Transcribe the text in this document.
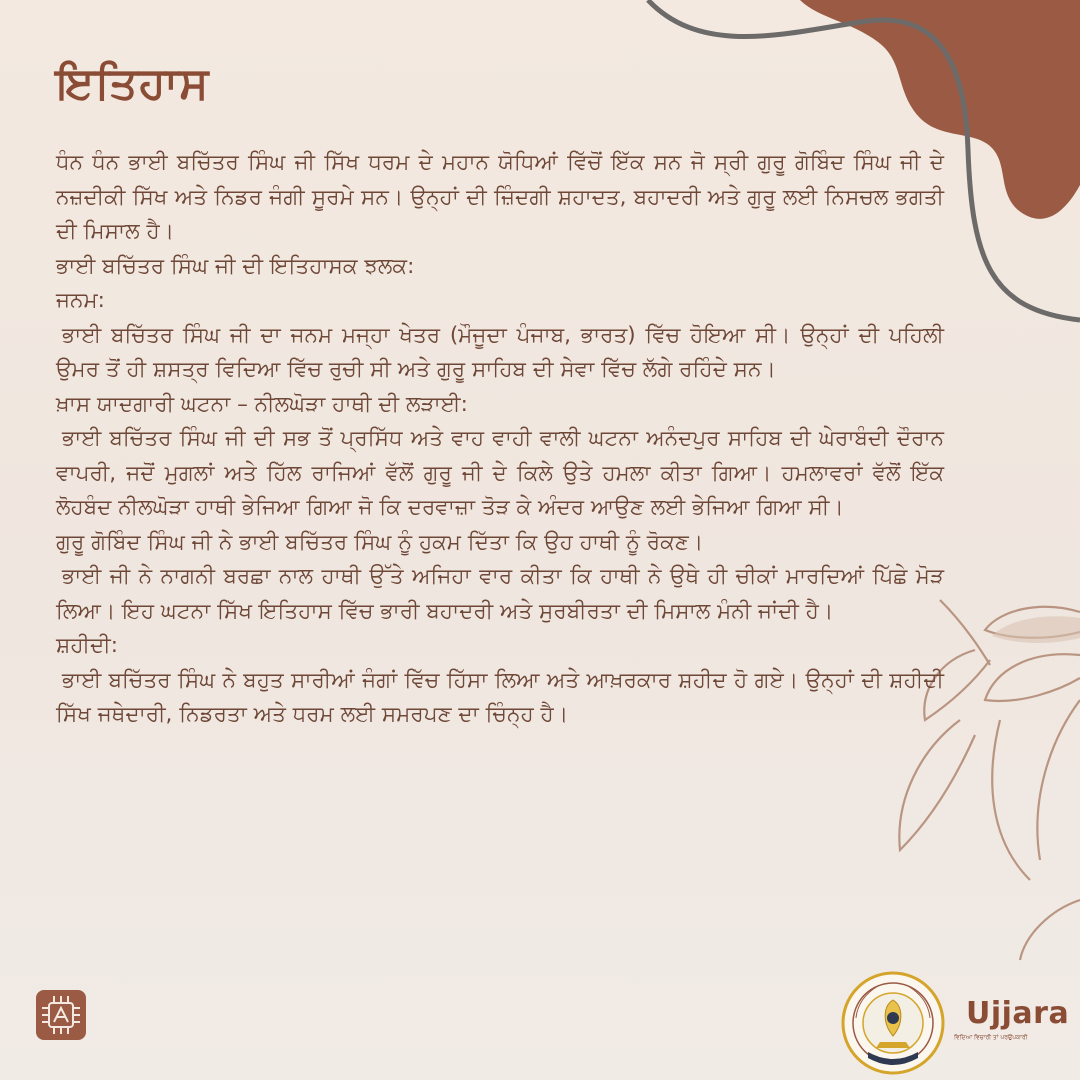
ਇਤਿਹਾਸ

ਧੰਨ ਧੰਨ ਭਾਈ ਬਚਿੱਤਰ ਸਿੰਘ ਜੀ ਸਿੱਖ ਧਰਮ ਦੇ ਮਹਾਨ ਯੋਧਿਆਂ ਵਿੱਚੋਂ ਇੱਕ ਸਨ ਜੋ ਸ੍ਰੀ ਗੁਰੂ ਗੋਬਿੰਦ ਸਿੰਘ ਜੀ ਦੇ ਨਜ਼ਦੀਕੀ ਸਿੱਖ ਅਤੇ ਨਿਡਰ ਜੰਗੀ ਸੂਰਮੇ ਸਨ। ਉਨ੍ਹਾਂ ਦੀ ਜ਼ਿੰਦਗੀ ਸ਼ਹਾਦਤ, ਬਹਾਦਰੀ ਅਤੇ ਗੁਰੂ ਲਈ ਨਿਸਚਲ ਭਗਤੀ ਦੀ ਮਿਸਾਲ ਹੈ।

ਭਾਈ ਬਚਿੱਤਰ ਸਿੰਘ ਜੀ ਦੀ ਇਤਿਹਾਸਕ ਝਲਕ:

ਜਨਮ:

ਭਾਈ ਬਚਿੱਤਰ ਸਿੰਘ ਜੀ ਦਾ ਜਨਮ ਮਜ੍ਹਾ ਖੇਤਰ (ਮੌਜੂਦਾ ਪੰਜਾਬ, ਭਾਰਤ) ਵਿੱਚ ਹੋਇਆ ਸੀ। ਉਨ੍ਹਾਂ ਦੀ ਪਹਿਲੀ ਉਮਰ ਤੋਂ ਹੀ ਸ਼ਸਤ੍ਰ ਵਿਦਿਆ ਵਿੱਚ ਰੁਚੀ ਸੀ ਅਤੇ ਗੁਰੂ ਸਾਹਿਬ ਦੀ ਸੇਵਾ ਵਿੱਚ ਲੱਗੇ ਰਹਿੰਦੇ ਸਨ।

ਖ਼ਾਸ ਯਾਦਗਾਰੀ ਘਟਨਾ – ਨੀਲਘੋੜਾ ਹਾਥੀ ਦੀ ਲੜਾਈ:

ਭਾਈ ਬਚਿੱਤਰ ਸਿੰਘ ਜੀ ਦੀ ਸਭ ਤੋਂ ਪ੍ਰਸਿੱਧ ਅਤੇ ਵਾਹ ਵਾਹੀ ਵਾਲੀ ਘਟਨਾ ਅਨੰਦਪੁਰ ਸਾਹਿਬ ਦੀ ਘੇਰਾਬੰਦੀ ਦੌਰਾਨ ਵਾਪਰੀ, ਜਦੋਂ ਮੁਗਲਾਂ ਅਤੇ ਹਿੱਲ ਰਾਜਿਆਂ ਵੱਲੋਂ ਗੁਰੂ ਜੀ ਦੇ ਕਿਲੇ ਉਤੇ ਹਮਲਾ ਕੀਤਾ ਗਿਆ। ਹਮਲਾਵਰਾਂ ਵੱਲੋਂ ਇੱਕ ਲੋਹਬੰਦ ਨੀਲਘੋੜਾ ਹਾਥੀ ਭੇਜਿਆ ਗਿਆ ਜੋ ਕਿ ਦਰਵਾਜ਼ਾ ਤੋੜ ਕੇ ਅੰਦਰ ਆਉਣ ਲਈ ਭੇਜਿਆ ਗਿਆ ਸੀ।

ਗੁਰੂ ਗੋਬਿੰਦ ਸਿੰਘ ਜੀ ਨੇ ਭਾਈ ਬਚਿੱਤਰ ਸਿੰਘ ਨੂੰ ਹੁਕਮ ਦਿੱਤਾ ਕਿ ਉਹ ਹਾਥੀ ਨੂੰ ਰੋਕਣ।

ਭਾਈ ਜੀ ਨੇ ਨਾਗਨੀ ਬਰਛਾ ਨਾਲ ਹਾਥੀ ਉੱਤੇ ਅਜਿਹਾ ਵਾਰ ਕੀਤਾ ਕਿ ਹਾਥੀ ਨੇ ਉਥੇ ਹੀ ਚੀਕਾਂ ਮਾਰਦਿਆਂ ਪਿੱਛੇ ਮੋੜ ਲਿਆ। ਇਹ ਘਟਨਾ ਸਿੱਖ ਇਤਿਹਾਸ ਵਿੱਚ ਭਾਰੀ ਬਹਾਦਰੀ ਅਤੇ ਸੁਰਬੀਰਤਾ ਦੀ ਮਿਸਾਲ ਮੰਨੀ ਜਾਂਦੀ ਹੈ।

ਸ਼ਹੀਦੀ:

ਭਾਈ ਬਚਿੱਤਰ ਸਿੰਘ ਨੇ ਬਹੁਤ ਸਾਰੀਆਂ ਜੰਗਾਂ ਵਿੱਚ ਹਿੱਸਾ ਲਿਆ ਅਤੇ ਆਖ਼ਰਕਾਰ ਸ਼ਹੀਦ ਹੋ ਗਏ। ਉਨ੍ਹਾਂ ਦੀ ਸ਼ਹੀਦੀ ਸਿੱਖ ਜਥੇਦਾਰੀ, ਨਿਡਰਤਾ ਅਤੇ ਧਰਮ ਲਈ ਸਮਰਪਣ ਦਾ ਚਿੰਨ੍ਹ ਹੈ।

Ujjara
ਵਿਦਿਆ ਵਿਚਾਰੀ ਤਾਂ ਪਰਉਪਕਾਰੀ
